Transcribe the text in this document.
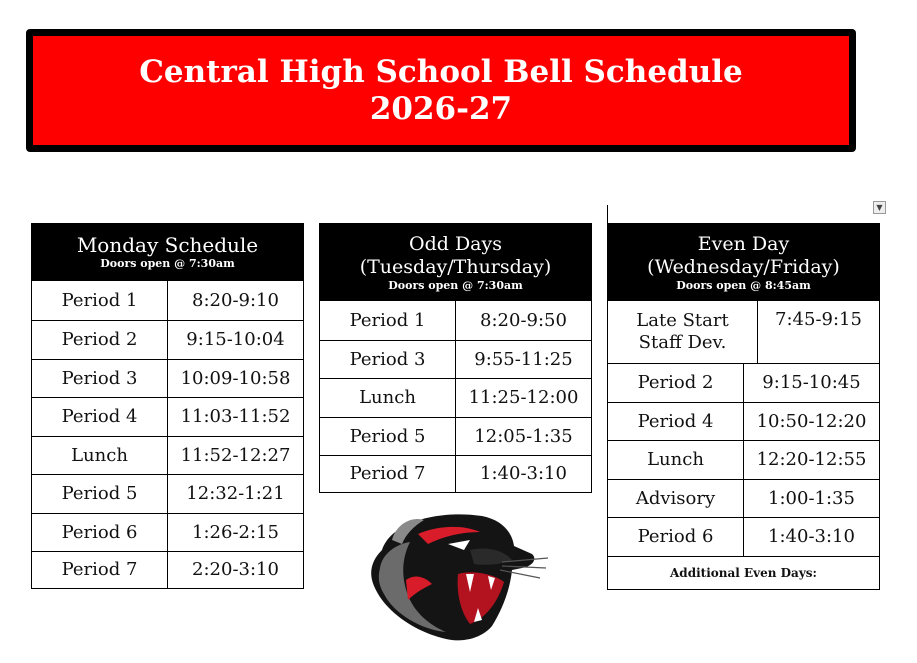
Central High School Bell Schedule
2026-27
Monday Schedule
Doors open @ 7:30am
Period 1	8:20-9:10
Period 2	9:15-10:04
Period 3	10:09-10:58
Period 4	11:03-11:52
Lunch	11:52-12:27
Period 5	12:32-1:21
Period 6	1:26-2:15
Period 7	2:20-3:10
Odd Days
(Tuesday/Thursday)
Doors open @ 7:30am
Period 1	8:20-9:50
Period 3	9:55-11:25
Lunch	11:25-12:00
Period 5	12:05-1:35
Period 7	1:40-3:10
▼
Even Day
(Wednesday/Friday)
Doors open @ 8:45am
Late Start Staff Dev.
7:45-9:15
Period 2	9:15-10:45
Period 4	10:50-12:20
Lunch	12:20-12:55
Advisory	1:00-1:35
Period 6	1:40-3:10
Additional Even Days:
